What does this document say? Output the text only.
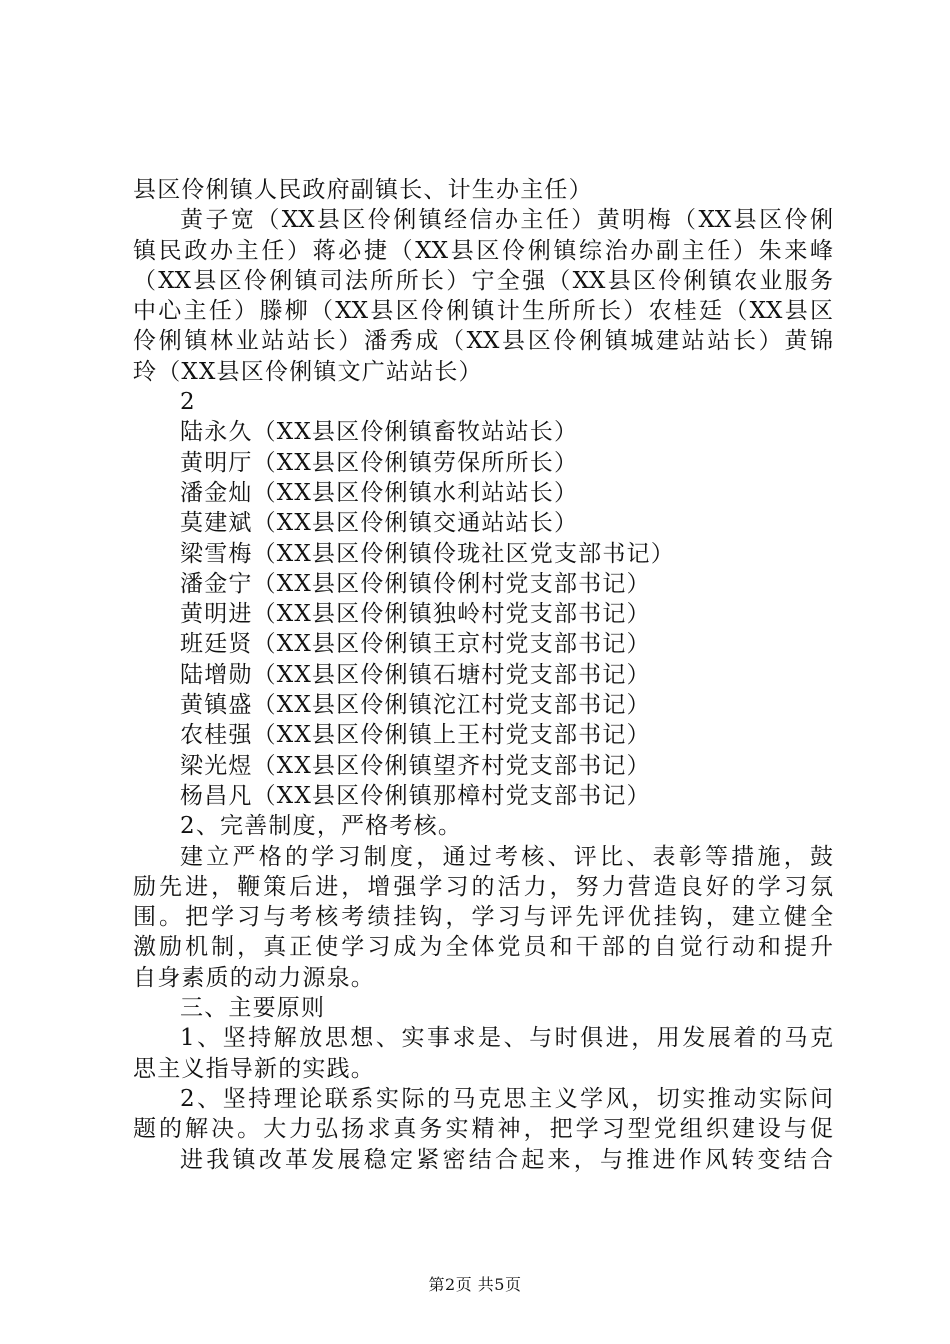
县区伶俐镇人民政府副镇长、计生办主任）
黄子宽（XX县区伶俐镇经信办主任）黄明梅（XX县区伶俐
镇民政办主任）蒋必捷（XX县区伶俐镇综治办副主任）朱来峰
（XX县区伶俐镇司法所所长）宁全强（XX县区伶俐镇农业服务
中心主任）滕柳（XX县区伶俐镇计生所所长）农桂廷（XX县区
伶俐镇林业站站长）潘秀成（XX县区伶俐镇城建站站长）黄锦
玲（XX县区伶俐镇文广站站长）
2
陆永久（XX县区伶俐镇畜牧站站长）
黄明厅（XX县区伶俐镇劳保所所长）
潘金灿（XX县区伶俐镇水利站站长）
莫建斌（XX县区伶俐镇交通站站长）
梁雪梅（XX县区伶俐镇伶珑社区党支部书记）
潘金宁（XX县区伶俐镇伶俐村党支部书记）
黄明进（XX县区伶俐镇独岭村党支部书记）
班廷贤（XX县区伶俐镇王京村党支部书记）
陆增勋（XX县区伶俐镇石塘村党支部书记）
黄镇盛（XX县区伶俐镇沱江村党支部书记）
农桂强（XX县区伶俐镇上王村党支部书记）
梁光煜（XX县区伶俐镇望齐村党支部书记）
杨昌凡（XX县区伶俐镇那樟村党支部书记）
2、完善制度，严格考核。
建立严格的学习制度，通过考核、评比、表彰等措施，鼓
励先进，鞭策后进，增强学习的活力，努力营造良好的学习氛
围。把学习与考核考绩挂钩，学习与评先评优挂钩，建立健全
激励机制，真正使学习成为全体党员和干部的自觉行动和提升
自身素质的动力源泉。
三、主要原则
1、坚持解放思想、实事求是、与时俱进，用发展着的马克
思主义指导新的实践。
2、坚持理论联系实际的马克思主义学风，切实推动实际问
题的解决。大力弘扬求真务实精神，把学习型党组织建设与促
进我镇改革发展稳定紧密结合起来，与推进作风转变结合
第2页 共5页
